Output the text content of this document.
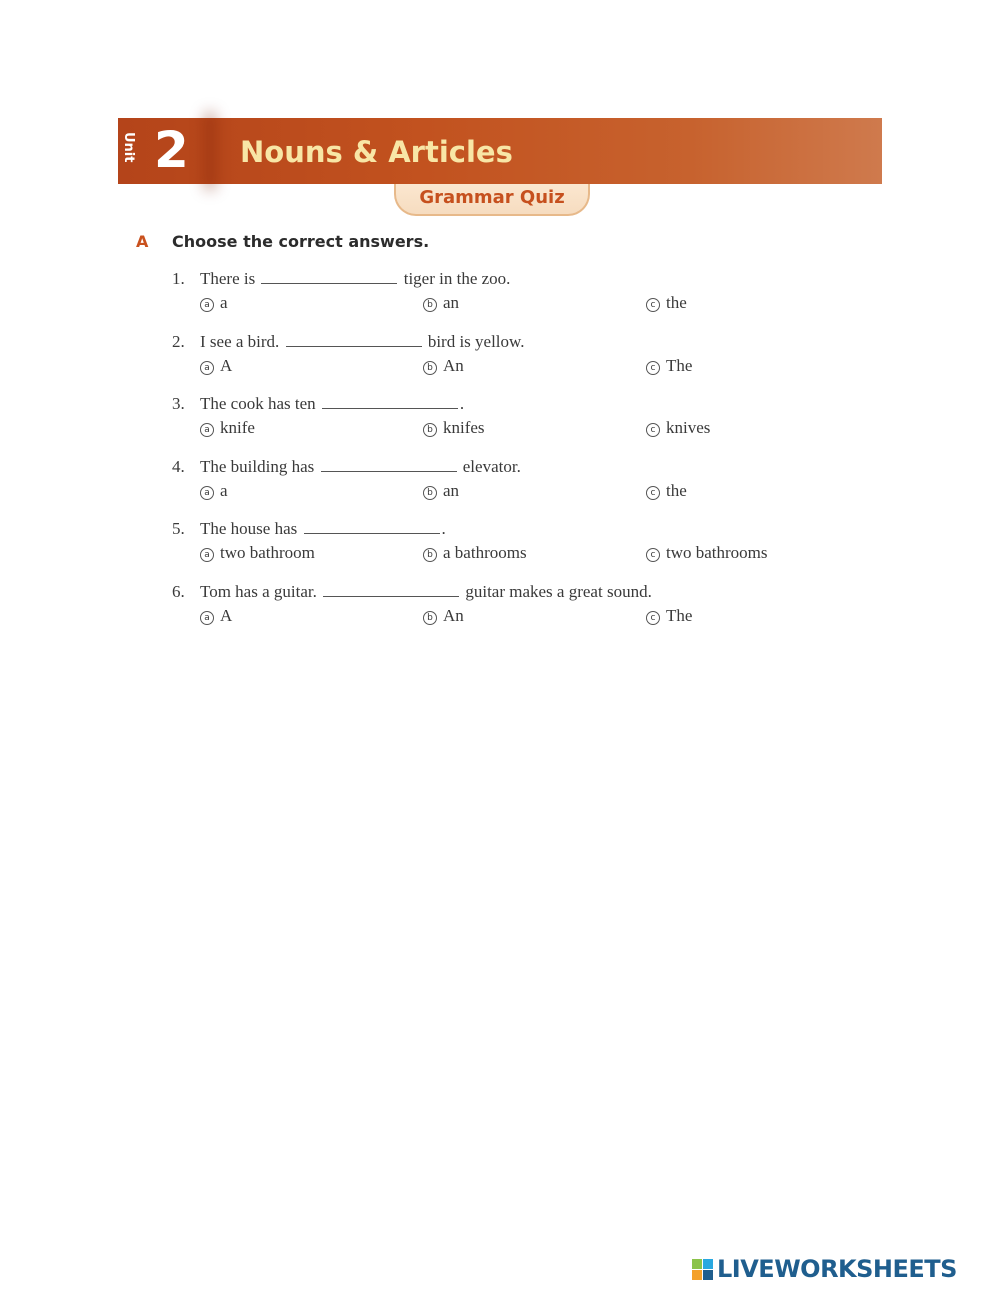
Unit 2 Nouns & Articles
Grammar Quiz
A Choose the correct answers.
1. There is	tiger in the zoo.
a a	b an	c the
2. I see a bird.	bird is yellow.
a A	b An	c The
3. The cook has ten	.
a knife	b knifes	c knives
4. The building has	elevator.
a a	b an	c the
5. The house has	.
a two bathroom	b a bathrooms	c two bathrooms
6. Tom has a guitar.	guitar makes a great sound.
a A	b An	c The
LIVEWORKSHEETS
